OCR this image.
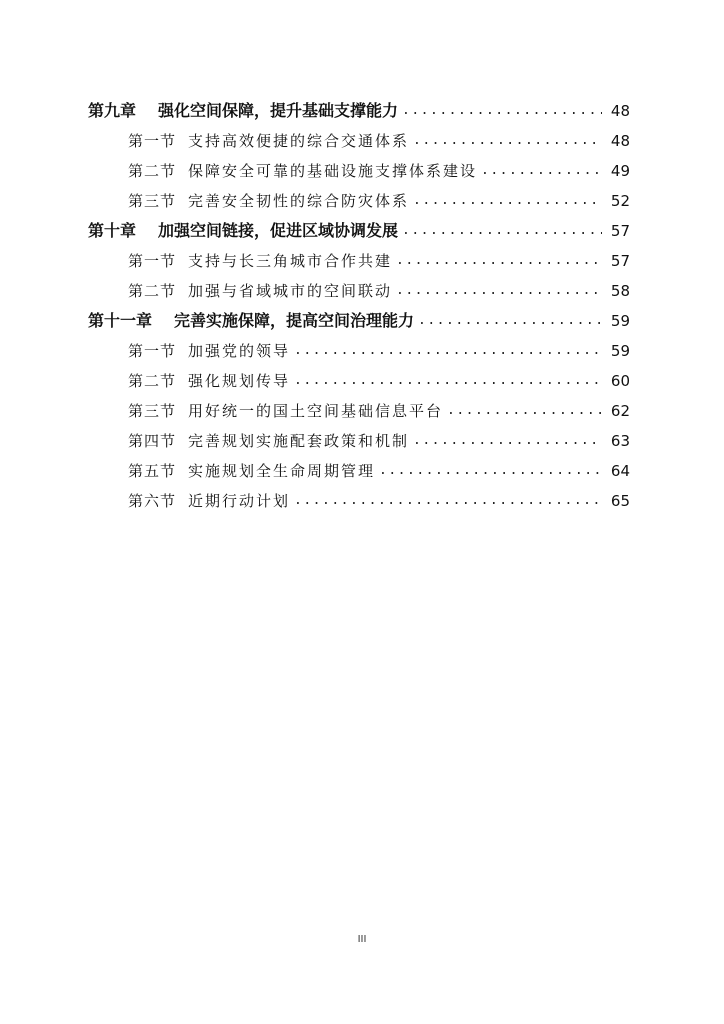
第九章 强化空间保障，提升基础支撑能力 .....	48
第一节 支持高效便捷的综合交通体系 .....	48
第二节 保障安全可靠的基础设施支撑体系建设 .....	49
第三节 完善安全韧性的综合防灾体系 .....	52
第十章 加强空间链接，促进区域协调发展 .....	57
第一节 支持与长三角城市合作共建 .....	57
第二节 加强与省域城市的空间联动 .....	58
第十一章 完善实施保障，提高空间治理能力 .....	59
第一节 加强党的领导 .....	59
第二节 强化规划传导 .....	60
第三节 用好统一的国土空间基础信息平台 .....	62
第四节 完善规划实施配套政策和机制 .....	63
第五节 实施规划全生命周期管理 .....	64
第六节 近期行动计划 .....	65
III
